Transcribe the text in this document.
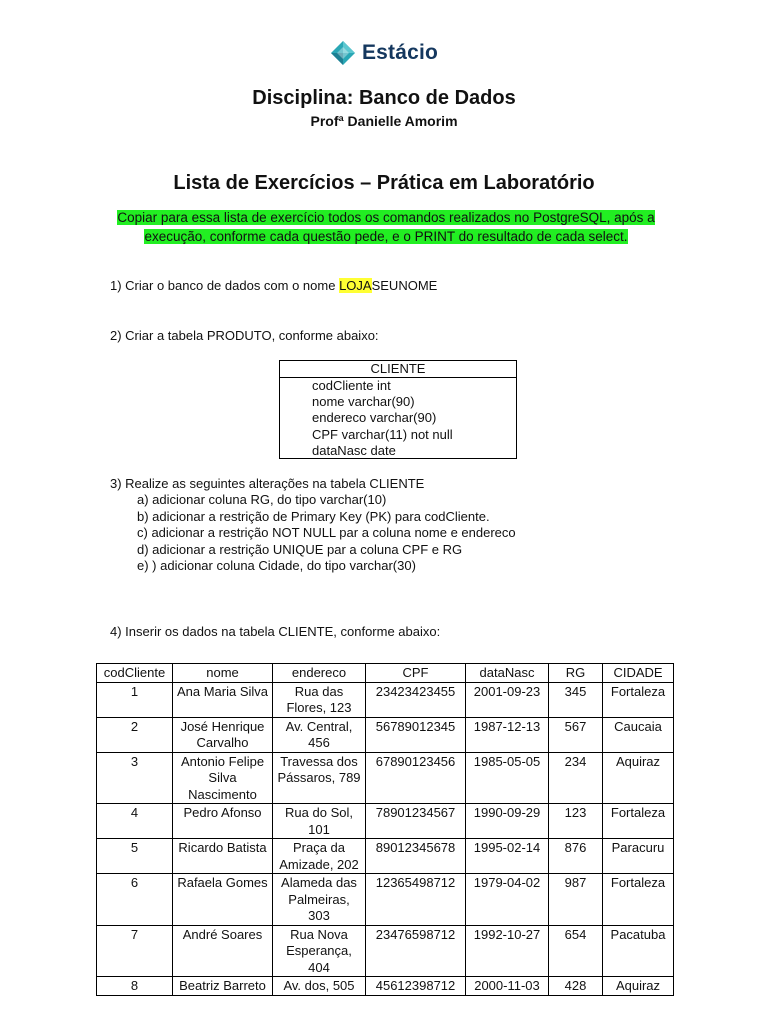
Estácio
Disciplina: Banco de Dados
Profª Danielle Amorim
Lista de Exercícios – Prática em Laboratório
Copiar para essa lista de exercício todos os comandos realizados no PostgreSQL, após a execução, conforme cada questão pede, e o PRINT do resultado de cada select.
1) Criar o banco de dados com o nome LOJASEUNOME
2) Criar a tabela PRODUTO, conforme abaixo:
CLIENTE
codCliente int
nome varchar(90)
endereco varchar(90)
CPF varchar(11) not null
dataNasc date
3) Realize as seguintes alterações na tabela CLIENTE
a) adicionar coluna RG, do tipo varchar(10)
b) adicionar a restrição de Primary Key (PK) para codCliente.
c) adicionar a restrição NOT NULL par a coluna nome e endereco
d) adicionar a restrição UNIQUE par a coluna CPF e RG
e) ) adicionar coluna Cidade, do tipo varchar(30)
4) Inserir os dados na tabela CLIENTE, conforme abaixo:
codCliente	nome	endereco	CPF	dataNasc	RG	CIDADE
1	Ana Maria Silva	Rua das Flores, 123	23423423455	2001-09-23	345	Fortaleza
2	José Henrique Carvalho	Av. Central, 456	56789012345	1987-12-13	567	Caucaia
3	Antonio Felipe Silva Nascimento	Travessa dos Pássaros, 789	67890123456	1985-05-05	234	Aquiraz
4	Pedro Afonso	Rua do Sol, 101	78901234567	1990-09-29	123	Fortaleza
5	Ricardo Batista	Praça da Amizade, 202	89012345678	1995-02-14	876	Paracuru
6	Rafaela Gomes	Alameda das Palmeiras, 303	12365498712	1979-04-02	987	Fortaleza
7	André Soares	Rua Nova Esperança, 404	23476598712	1992-10-27	654	Pacatuba
8	Beatriz Barreto	Av. dos, 505	45612398712	2000-11-03	428	Aquiraz
